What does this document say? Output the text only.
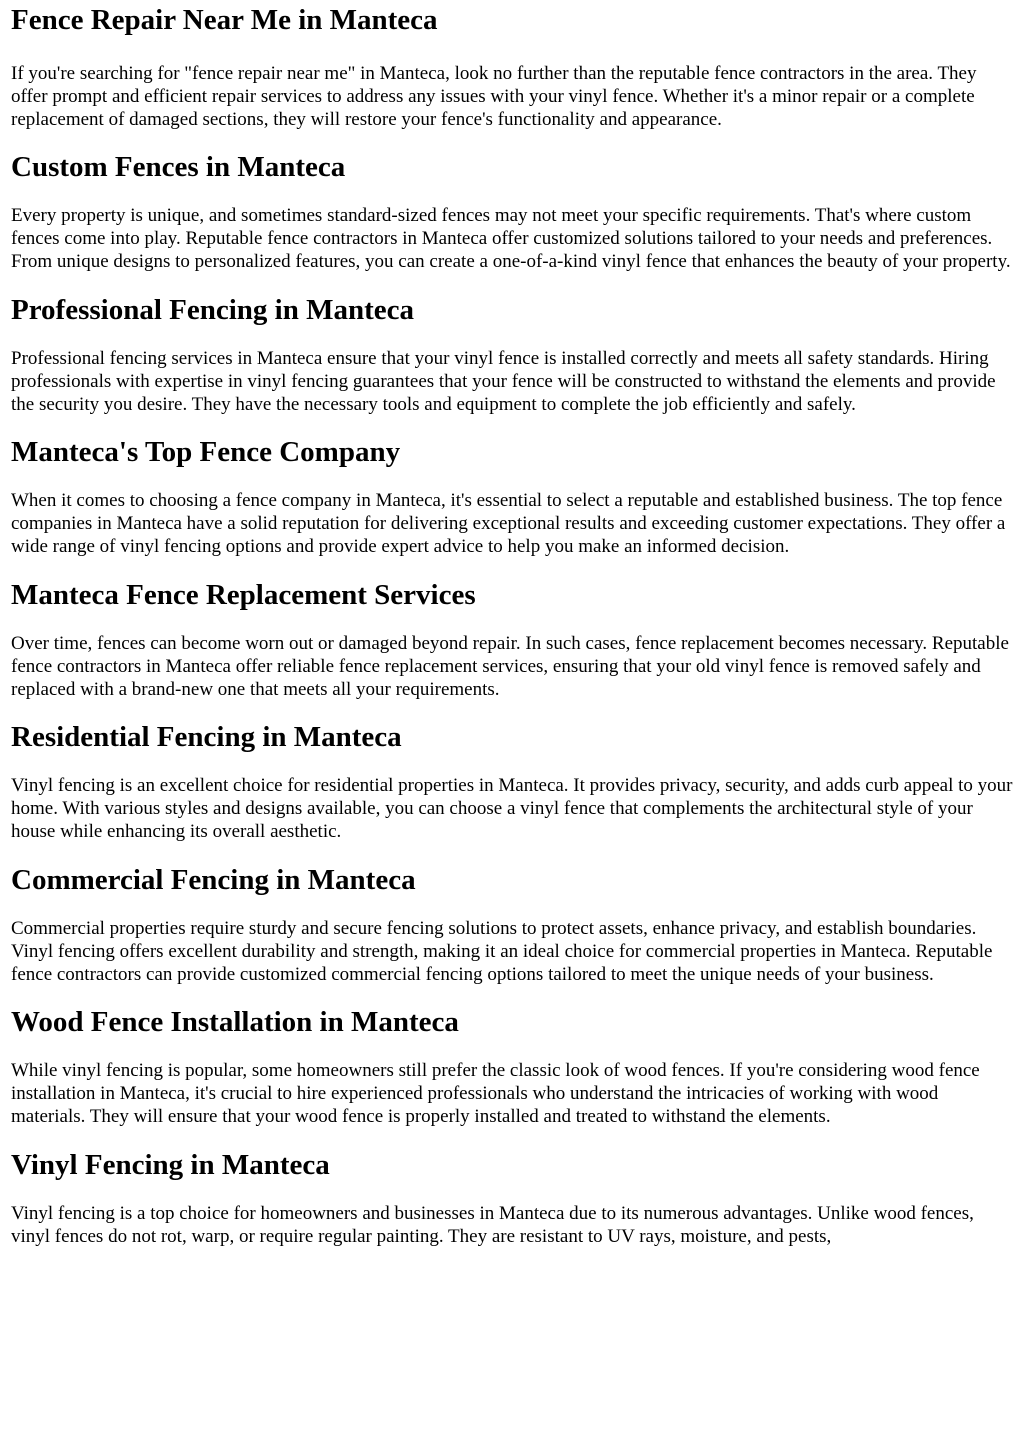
Fence Repair Near Me in Manteca

If you're searching for "fence repair near me" in Manteca, look no further than the reputable fence contractors in the area. They offer prompt and efficient repair services to address any issues with your vinyl fence. Whether it's a minor repair or a complete replacement of damaged sections, they will restore your fence's functionality and appearance.

Custom Fences in Manteca

Every property is unique, and sometimes standard-sized fences may not meet your specific requirements. That's where custom fences come into play. Reputable fence contractors in Manteca offer customized solutions tailored to your needs and preferences. From unique designs to personalized features, you can create a one-of-a-kind vinyl fence that enhances the beauty of your property.

Professional Fencing in Manteca

Professional fencing services in Manteca ensure that your vinyl fence is installed correctly and meets all safety standards. Hiring professionals with expertise in vinyl fencing guarantees that your fence will be constructed to withstand the elements and provide the security you desire. They have the necessary tools and equipment to complete the job efficiently and safely.

Manteca's Top Fence Company

When it comes to choosing a fence company in Manteca, it's essential to select a reputable and established business. The top fence companies in Manteca have a solid reputation for delivering exceptional results and exceeding customer expectations. They offer a wide range of vinyl fencing options and provide expert advice to help you make an informed decision.

Manteca Fence Replacement Services

Over time, fences can become worn out or damaged beyond repair. In such cases, fence replacement becomes necessary. Reputable fence contractors in Manteca offer reliable fence replacement services, ensuring that your old vinyl fence is removed safely and replaced with a brand-new one that meets all your requirements.

Residential Fencing in Manteca

Vinyl fencing is an excellent choice for residential properties in Manteca. It provides privacy, security, and adds curb appeal to your home. With various styles and designs available, you can choose a vinyl fence that complements the architectural style of your house while enhancing its overall aesthetic.

Commercial Fencing in Manteca

Commercial properties require sturdy and secure fencing solutions to protect assets, enhance privacy, and establish boundaries. Vinyl fencing offers excellent durability and strength, making it an ideal choice for commercial properties in Manteca. Reputable fence contractors can provide customized commercial fencing options tailored to meet the unique needs of your business.

Wood Fence Installation in Manteca

While vinyl fencing is popular, some homeowners still prefer the classic look of wood fences. If you're considering wood fence installation in Manteca, it's crucial to hire experienced professionals who understand the intricacies of working with wood materials. They will ensure that your wood fence is properly installed and treated to withstand the elements.

Vinyl Fencing in Manteca

Vinyl fencing is a top choice for homeowners and businesses in Manteca due to its numerous advantages. Unlike wood fences, vinyl fences do not rot, warp, or require regular painting. They are resistant to UV rays, moisture, and pests,
